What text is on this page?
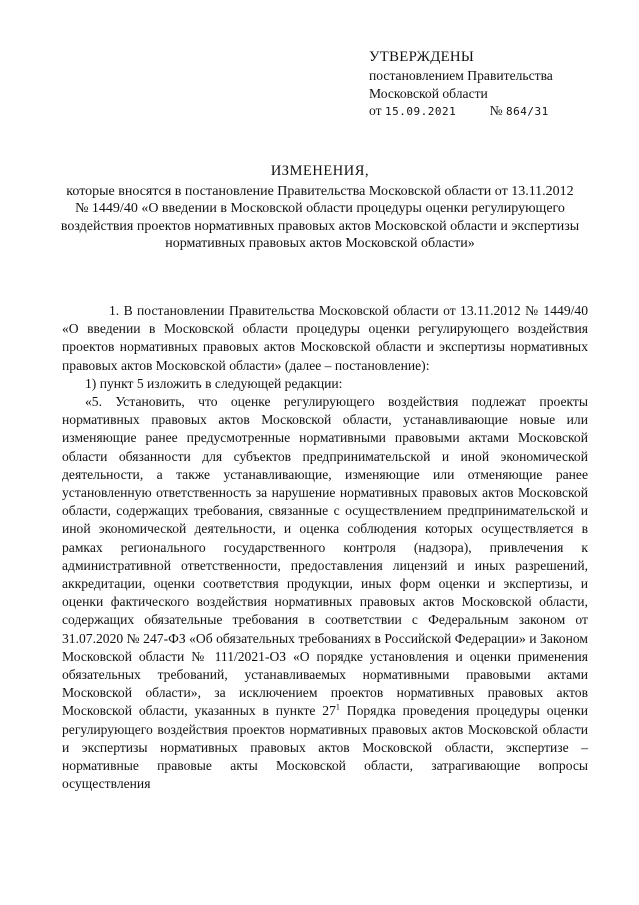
УТВЕРЖДЕНЫ
постановлением Правительства
Московской области
от 15.09.2021 № 864/31
ИЗМЕНЕНИЯ,
которые вносятся в постановление Правительства Московской области от 13.11.2012 № 1449/40 «О введении в Московской области процедуры оценки регулирующего воздействия проектов нормативных правовых актов Московской области и экспертизы нормативных правовых актов Московской области»

1. В постановлении Правительства Московской области от 13.11.2012 № 1449/40 «О введении в Московской области процедуры оценки регулирующего воздействия проектов нормативных правовых актов Московской области и экспертизы нормативных правовых актов Московской области» (далее – постановление):

1) пункт 5 изложить в следующей редакции:

«5. Установить, что оценке регулирующего воздействия подлежат проекты нормативных правовых актов Московской области, устанавливающие новые или изменяющие ранее предусмотренные нормативными правовыми актами Московской области обязанности для субъектов предпринимательской и иной экономической деятельности, а также устанавливающие, изменяющие или отменяющие ранее установленную ответственность за нарушение нормативных правовых актов Московской области, содержащих требования, связанные с осуществлением предпринимательской и иной экономической деятельности, и оценка соблюдения которых осуществляется в рамках регионального государственного контроля (надзора), привлечения к административной ответственности, предоставления лицензий и иных разрешений, аккредитации, оценки соответствия продукции, иных форм оценки и экспертизы, и оценки фактического воздействия нормативных правовых актов Московской области, содержащих обязательные требования в соответствии с Федеральным законом от 31.07.2020 № 247-ФЗ «Об обязательных требованиях в Российской Федерации» и Законом Московской области № 111/2021-ОЗ «О порядке установления и оценки применения обязательных требований, устанавливаемых нормативными правовыми актами Московской области», за исключением проектов нормативных правовых актов Московской области, указанных в пункте $27^1$ Порядка проведения процедуры оценки регулирующего воздействия проектов нормативных правовых актов Московской области и экспертизы нормативных правовых актов Московской области, экспертизе – нормативные правовые акты Московской области, затрагивающие вопросы осуществления
